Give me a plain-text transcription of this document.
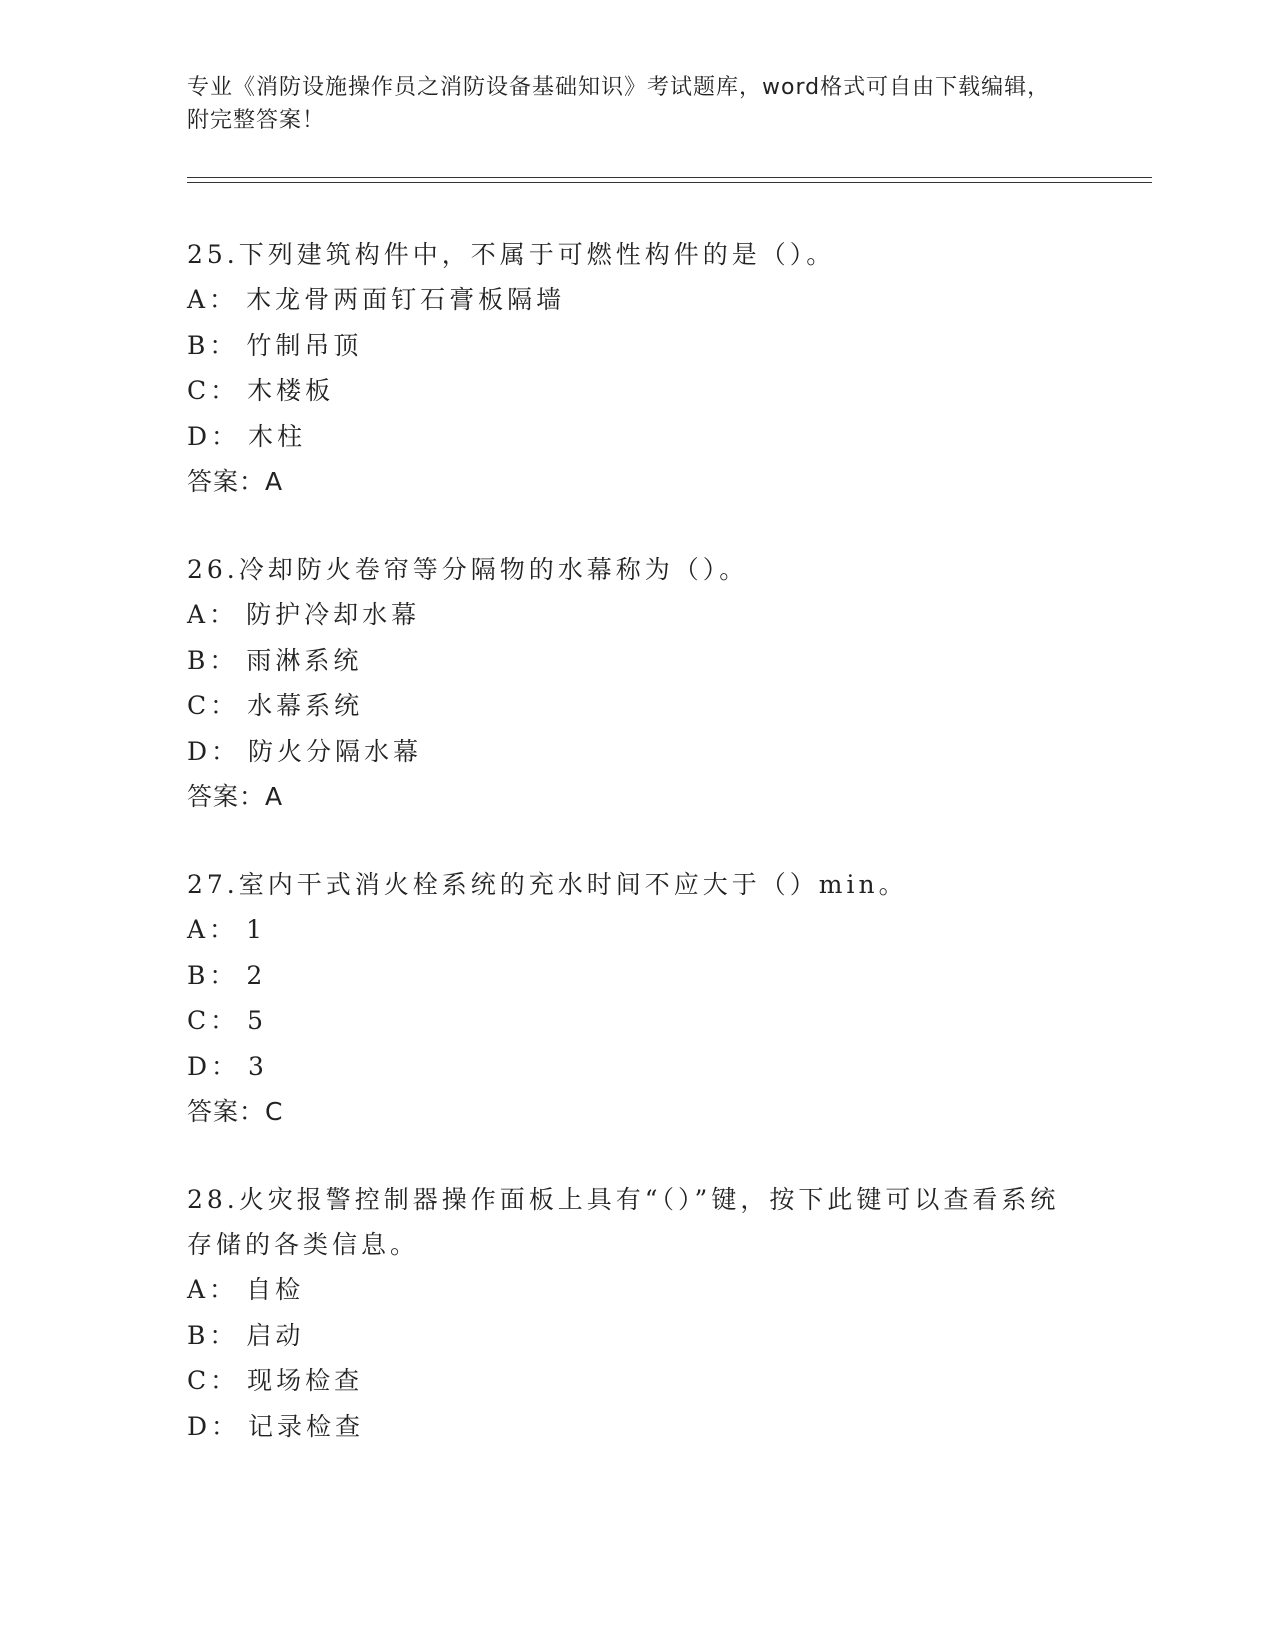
专业《消防设施操作员之消防设备基础知识》考试题库，word格式可自由下载编辑，附完整答案！
25.下列建筑构件中，不属于可燃性构件的是（）。
A： 木龙骨两面钉石膏板隔墙
B： 竹制吊顶
C： 木楼板
D： 木柱
答案：A
26.冷却防火卷帘等分隔物的水幕称为（）。
A： 防护冷却水幕
B： 雨淋系统
C： 水幕系统
D： 防火分隔水幕
答案：A
27.室内干式消火栓系统的充水时间不应大于（）min。
A： 1
B： 2
C： 5
D： 3
答案：C
28.火灾报警控制器操作面板上具有“（）”键，按下此键可以查看系统存储的各类信息。
A： 自检
B： 启动
C： 现场检查
D： 记录检查
